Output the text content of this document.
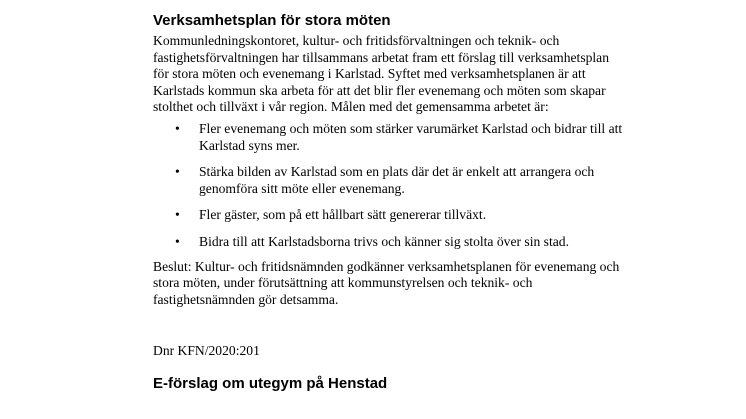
Verksamhetsplan för stora möten

Kommunledningskontoret, kultur- och fritidsförvaltningen och teknik- och fastighetsförvaltningen har tillsammans arbetat fram ett förslag till verksamhetsplan för stora möten och evenemang i Karlstad. Syftet med verksamhetsplanen är att Karlstads kommun ska arbeta för att det blir fler evenemang och möten som skapar stolthet och tillväxt i vår region. Målen med det gemensamma arbetet är:

• Fler evenemang och möten som stärker varumärket Karlstad och bidrar till att Karlstad syns mer.
• Stärka bilden av Karlstad som en plats där det är enkelt att arrangera och genomföra sitt möte eller evenemang.
• Fler gäster, som på ett hållbart sätt genererar tillväxt.
• Bidra till att Karlstadsborna trivs och känner sig stolta över sin stad.

Beslut: Kultur- och fritidsnämnden godkänner verksamhetsplanen för evenemang och stora möten, under förutsättning att kommunstyrelsen och teknik- och fastighetsnämnden gör detsamma.

Dnr KFN/2020:201

E-förslag om utegym på Henstad
